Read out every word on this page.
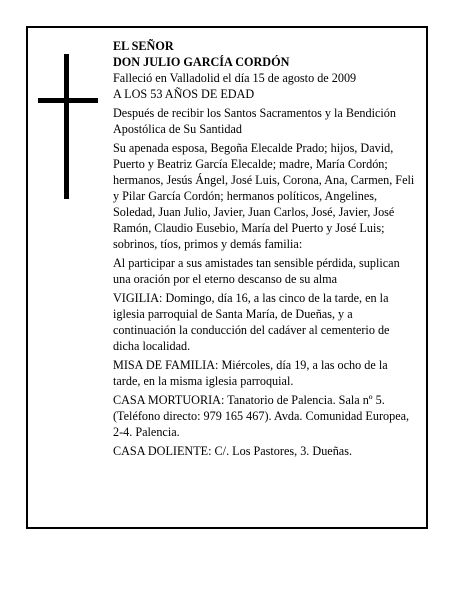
EL SEÑOR

DON JULIO GARCÍA CORDÓN

Falleció en Valladolid el día 15 de agosto de 2009

A LOS 53 AÑOS DE EDAD

Después de recibir los Santos Sacramentos y la Bendición Apostólica de Su Santidad

Su apenada esposa, Begoña Elecalde Prado; hijos, David, Puerto y Beatriz García Elecalde; madre, María Cordón; hermanos, Jesús Ángel, José Luis, Corona, Ana, Carmen, Feli y Pilar García Cordón; hermanos políticos, Angelines, Soledad, Juan Julio, Javier, Juan Carlos, José, Javier, José Ramón, Claudio Eusebio, María del Puerto y José Luis; sobrinos, tíos, primos y demás familia:

Al participar a sus amistades tan sensible pérdida, suplican una oración por el eterno descanso de su alma

VIGILIA: Domingo, día 16, a las cinco de la tarde, en la iglesia parroquial de Santa María, de Dueñas, y a continuación la conducción del cadáver al cementerio de dicha localidad.

MISA DE FAMILIA: Miércoles, día 19, a las ocho de la tarde, en la misma iglesia parroquial.

CASA MORTUORIA: Tanatorio de Palencia. Sala nº 5. (Teléfono directo: 979 165 467). Avda. Comunidad Europea, 2-4. Palencia.

CASA DOLIENTE: C/. Los Pastores, 3. Dueñas.
